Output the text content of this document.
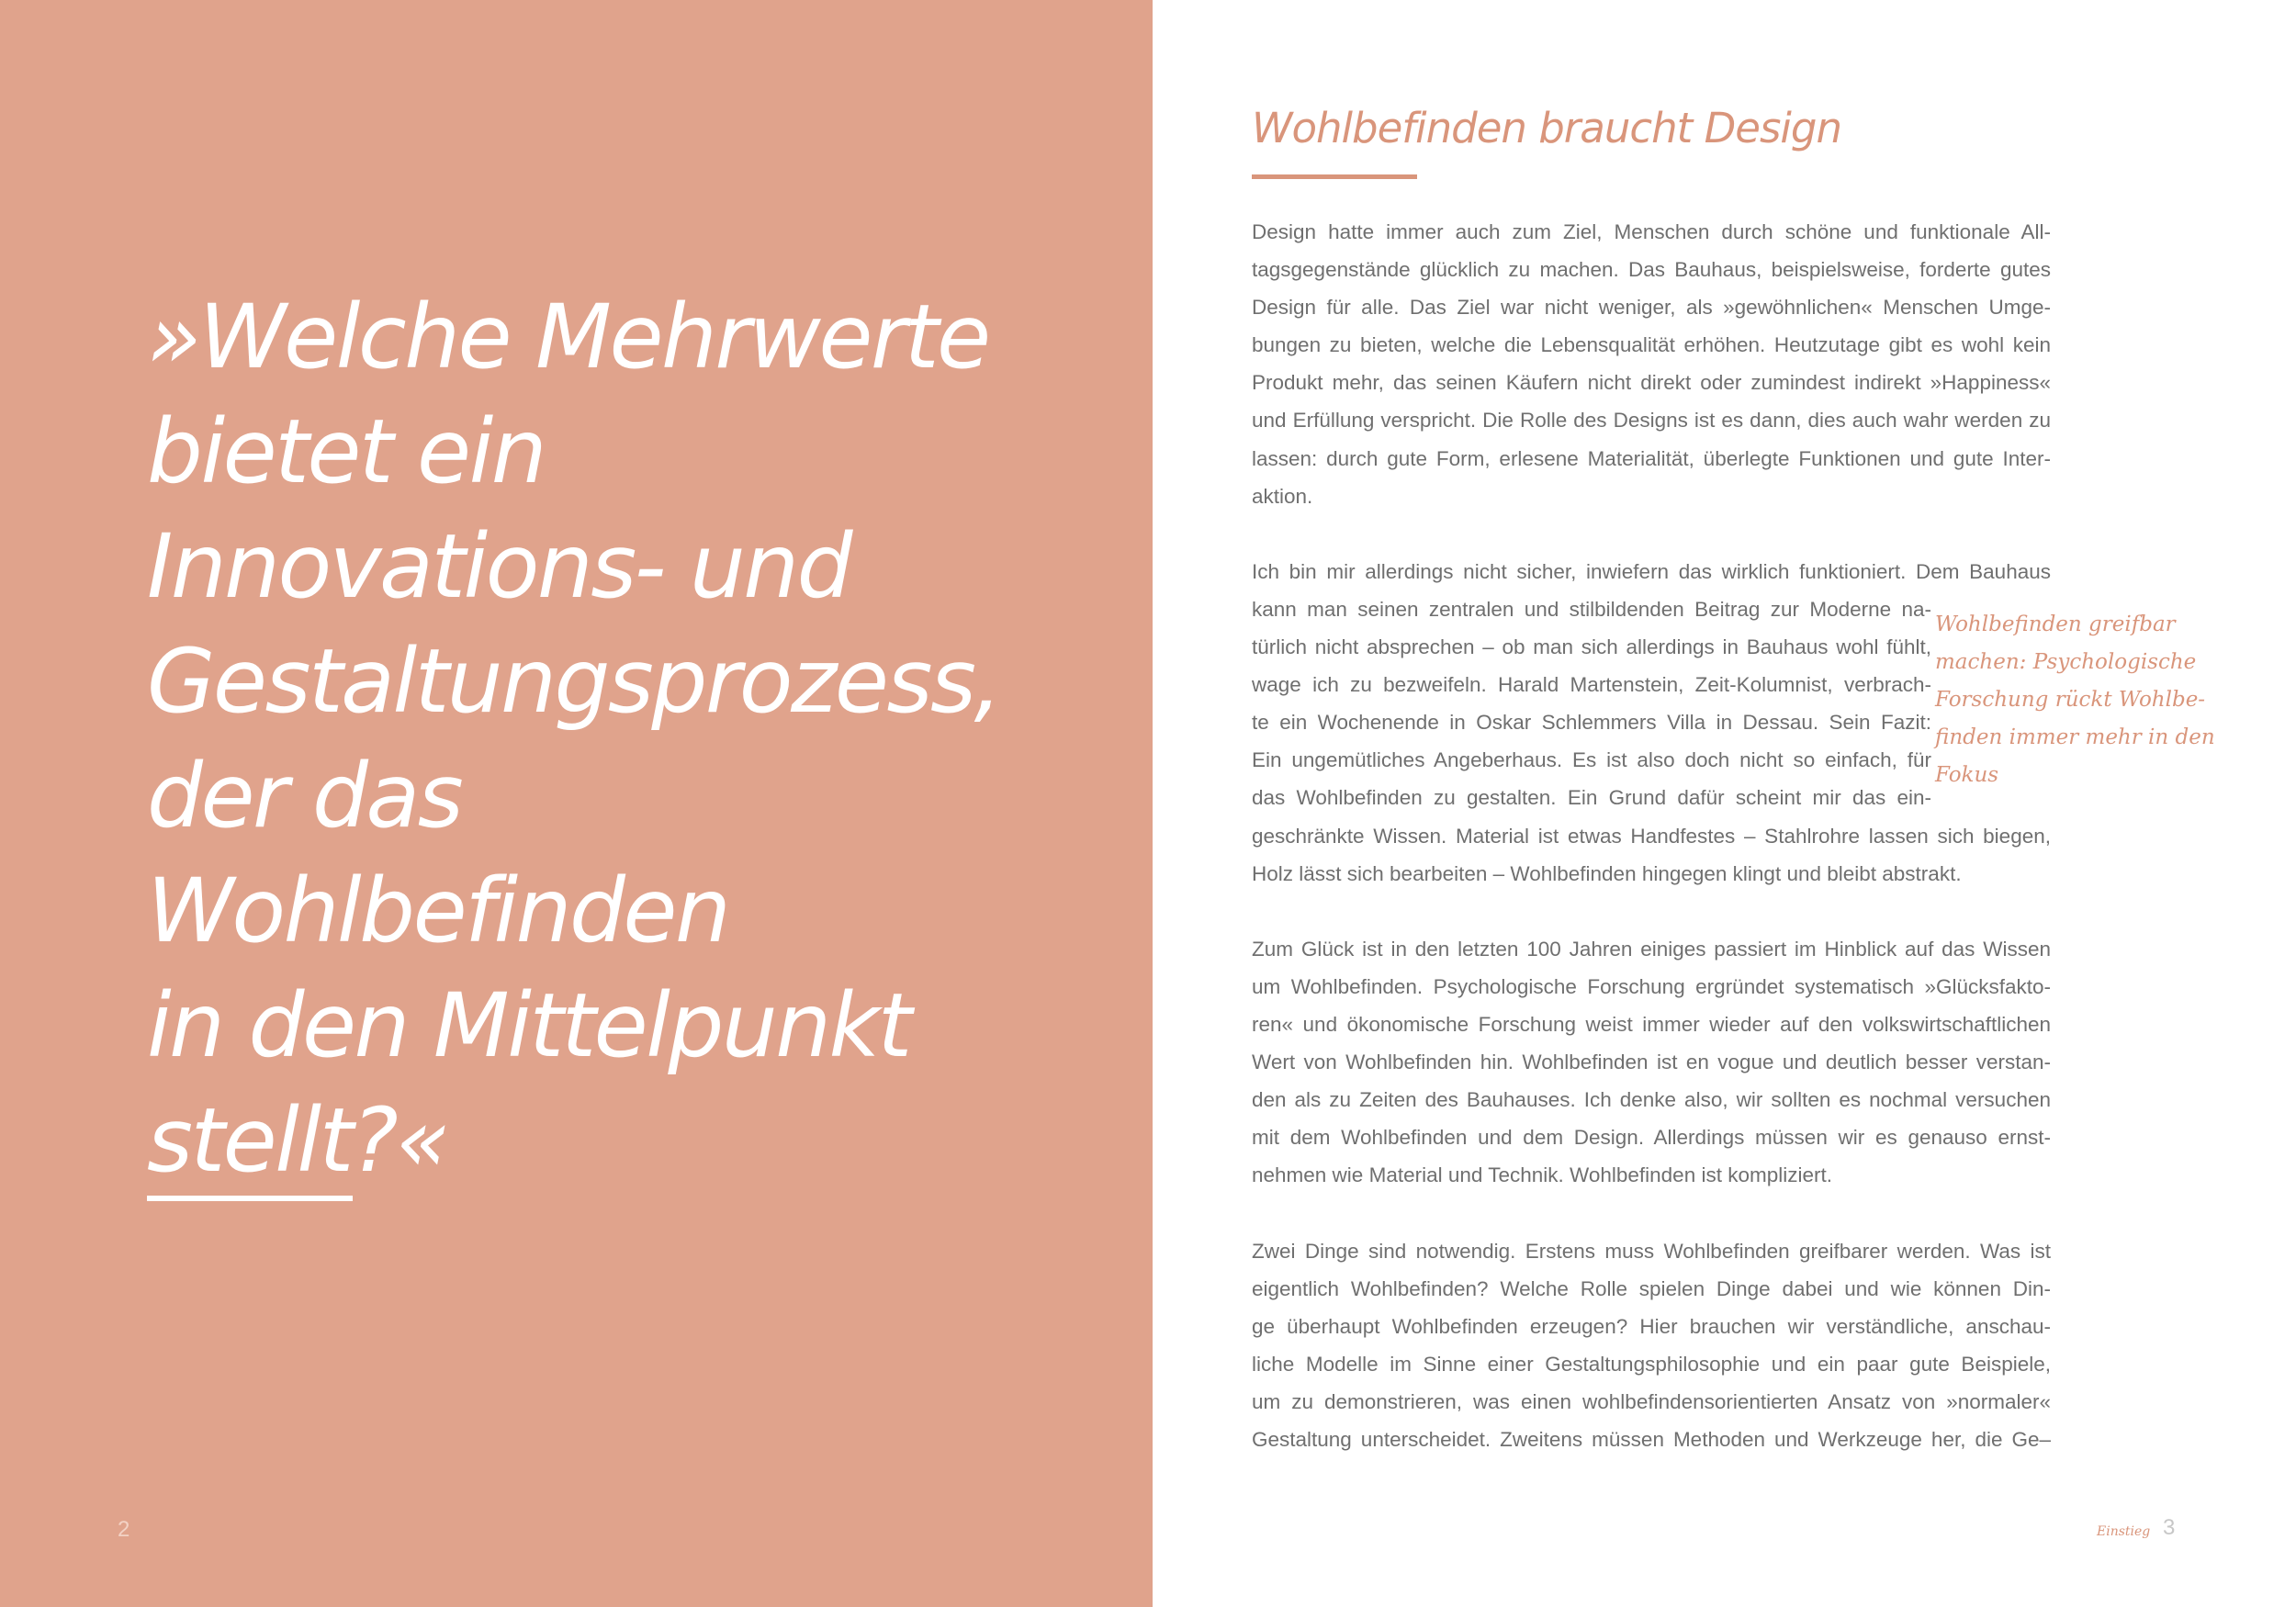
»Welche Mehrwerte
bietet ein
Innovations- und
Gestaltungsprozess,
der das
Wohlbefinden
in den Mittelpunkt
stellt?«
2
Wohlbefinden braucht Design

Design hatte immer auch zum Ziel, Menschen durch schöne und funktionale All-
tagsgegenstände glücklich zu machen. Das Bauhaus, beispielsweise, forderte gutes
Design für alle. Das Ziel war nicht weniger, als »gewöhnlichen« Menschen Umge-
bungen zu bieten, welche die Lebensqualität erhöhen. Heutzutage gibt es wohl kein
Produkt mehr, das seinen Käufern nicht direkt oder zumindest indirekt »Happiness«
und Erfüllung verspricht. Die Rolle des Designs ist es dann, dies auch wahr werden zu
lassen: durch gute Form, erlesene Materialität, überlegte Funktionen und gute Inter-
aktion.

Ich bin mir allerdings nicht sicher, inwiefern das wirklich funktioniert. Dem Bauhaus
kann man seinen zentralen und stilbildenden Beitrag zur Moderne na-
türlich nicht absprechen – ob man sich allerdings in Bauhaus wohl fühlt,
wage ich zu bezweifeln. Harald Martenstein, Zeit-Kolumnist, verbrach-
te ein Wochenende in Oskar Schlemmers Villa in Dessau. Sein Fazit:
Ein ungemütliches Angeberhaus. Es ist also doch nicht so einfach, für
das Wohlbefinden zu gestalten. Ein Grund dafür scheint mir das ein-
geschränkte Wissen. Material ist etwas Handfestes – Stahlrohre lassen sich biegen,
Holz lässt sich bearbeiten – Wohlbefinden hingegen klingt und bleibt abstrakt.

Zum Glück ist in den letzten 100 Jahren einiges passiert im Hinblick auf das Wissen
um Wohlbefinden. Psychologische Forschung ergründet systematisch »Glücksfakto-
ren« und ökonomische Forschung weist immer wieder auf den volkswirtschaftlichen
Wert von Wohlbefinden hin. Wohlbefinden ist en vogue und deutlich besser verstan-
den als zu Zeiten des Bauhauses. Ich denke also, wir sollten es nochmal versuchen
mit dem Wohlbefinden und dem Design. Allerdings müssen wir es genauso ernst-
nehmen wie Material und Technik. Wohlbefinden ist kompliziert.

Zwei Dinge sind notwendig. Erstens muss Wohlbefinden greifbarer werden. Was ist
eigentlich Wohlbefinden? Welche Rolle spielen Dinge dabei und wie können Din-
ge überhaupt Wohlbefinden erzeugen? Hier brauchen wir verständliche, anschau-
liche Modelle im Sinne einer Gestaltungsphilosophie und ein paar gute Beispiele,
um zu demonstrieren, was einen wohlbefindensorientierten Ansatz von »normaler«
Gestaltung unterscheidet. Zweitens müssen Methoden und Werkzeuge her, die Ge–

Wohlbefinden greifbar
machen: Psychologische
Forschung rückt Wohlbe-
finden immer mehr in den
Fokus
Einstieg 3
